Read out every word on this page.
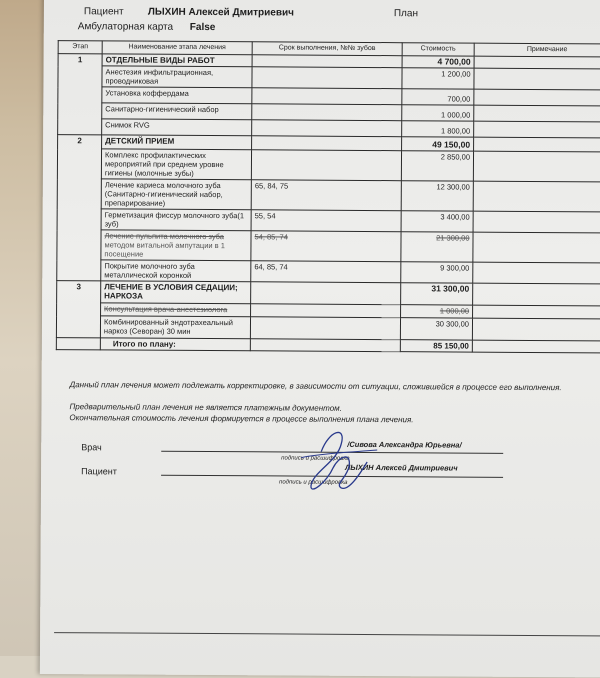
Пациент ЛЫХИН Алексей Дмитриевич	План
Амбулаторная карта False
Этап	Наименование этапа лечения	Срок выполнения, №№ зубов	Стоимость	Примечание
1	ОТДЕЛЬНЫЕ ВИДЫ РАБОТ		4 700,00	
	Анестезия инфильтрационная, проводниковая		1 200,00	
	Установка коффердама		700,00	
	Санитарно-гигиенический набор		1 000,00	
	Снимок RVG		1 800,00	
2	ДЕТСКИЙ ПРИЕМ		49 150,00	
	Комплекс профилактических мероприятий при среднем уровне гигиены (молочные зубы)		2 850,00	
	Лечение кариеса молочного зуба (Санитарно-гигиенический набор, препарирование)	65, 84, 75	12 300,00	
	Герметизация фиссур молочного зуба(1 зуб)	55, 54	3 400,00	
	Лечение пульпита молочного зуба
методом витальной ампутации в 1 посещение	54, 85, 74	21 300,00	
	Покрытие молочного зуба металлической коронкой	64, 85, 74	9 300,00	
3	ЛЕЧЕНИЕ В УСЛОВИЯ СЕДАЦИИ; НАРКОЗА		31 300,00	
	Консультация врача-анестезиолога		1 000,00	
	Комбинированный эндотрахеальный наркоз (Севоран) 30 мин		30 300,00	
	Итого по плану:		85 150,00	
Данный план лечения может подлежать корректировке, в зависимости от ситуации, сложившейся в процессе его выполнения.
Предварительный план лечения не является платежным документом.
Окончательная стоимость лечения формируется в процессе выполнения плана лечения.
Врач	/Сивова Александра Юрьевна/
подпись и расшифровка
Пациент	ЛЫХИН Алексей Дмитриевич
подпись и расшифровка
